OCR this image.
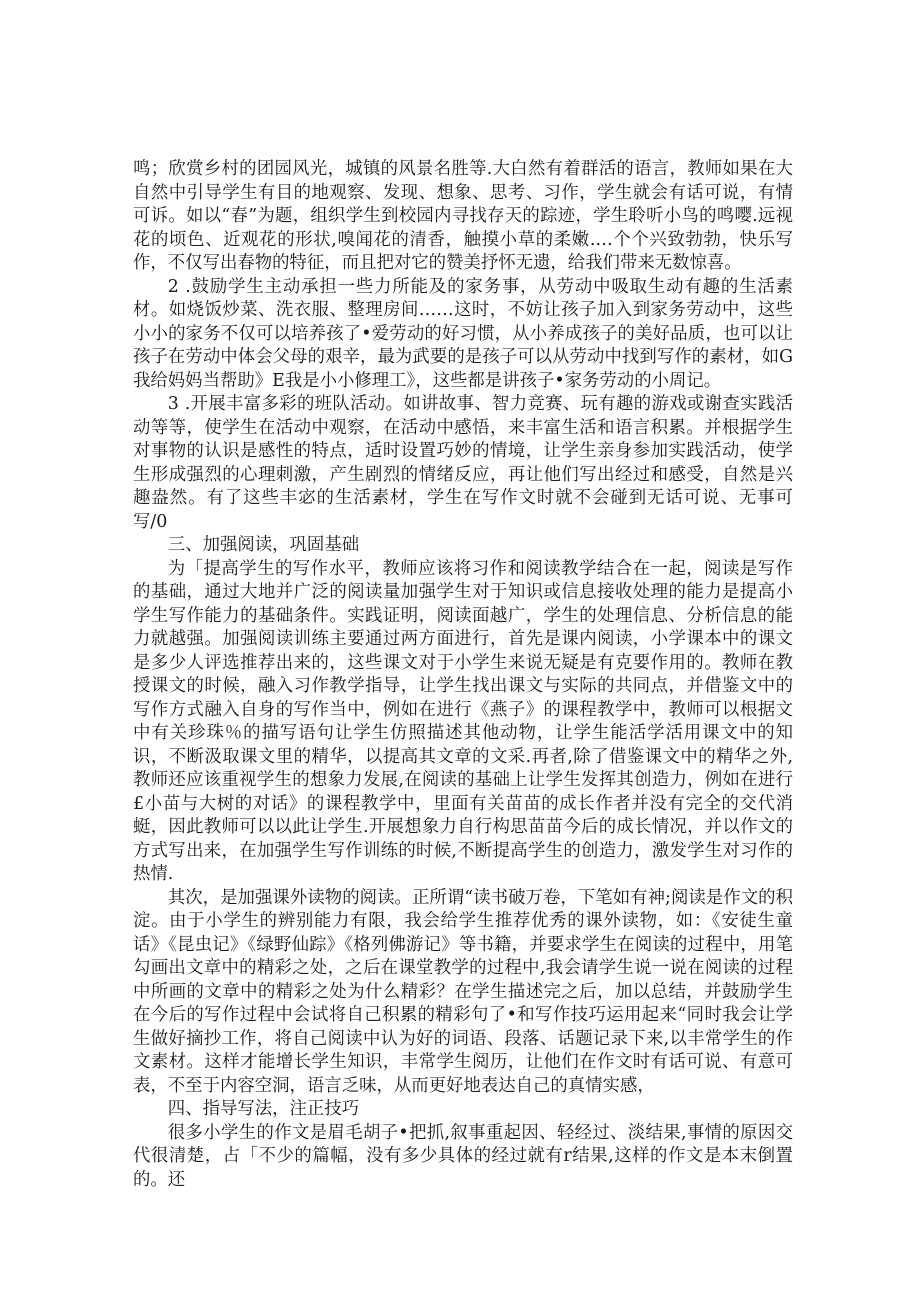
鸣；欣赏乡村的团园风光，城镇的风景名胜等.大白然有着群活的语言，教师如果在大自然中引导学生有目的地观察、发现、想象、思考、习作，学生就会有话可说，有情可诉。如以“春”为题，组织学生到校园内寻找存天的踪迹，学生聆听小鸟的鸣嘤.远视花的顷色、近观花的形状,嗅闻花的清香，触摸小草的柔嫩.…个个兴致勃勃，快乐写作，不仅写出春物的特征，而且把对它的赞美抒怀无遗，给我们带来无数惊喜。

2 .鼓励学生主动承担一些力所能及的家务事，从劳动中吸取生动有趣的生活素材。如烧饭炒菜、洗衣服、整理房间……这时，不妨让孩子加入到家务劳动中，这些小小的家务不仅可以培养孩了•爱劳动的好习惯，从小养成孩子的美好品质，也可以让孩子在劳动中体会父母的艰辛，最为武要的是孩子可以从劳动中找到写作的素材，如G我给妈妈当帮助》E我是小小修理工》，这些都是讲孩子•家务劳动的小周记。

3 .开展丰富多彩的班队活动。如讲故事、智力竞赛、玩有趣的游戏或谢查实践活动等等，使学生在活动中观察，在活动中感悟，来丰富生活和语言积累。并根据学生对事物的认识是感性的特点，适时设置巧妙的情境，让学生亲身参加实践活动，使学生形成强烈的心理刺激，产生剧烈的情绪反应，再让他们写出经过和感受，自然是兴趣盎然。有了这些丰宓的生活素材，学生在写作文时就不会碰到无话可说、无事可写/0

三、加强阅读，巩固基础

为「提高学生的写作水平，教师应该将习作和阅读教学结合在一起，阅读是写作的基础，通过大地并广泛的阅读量加强学生对于知识或信息接收处理的能力是提高小学生写作能力的基础条件。实践证明，阅读面越广，学生的处理信息、分析信息的能力就越强。加强阅读训练主要通过两方面进行，首先是课内阅读，小学课本中的课文是多少人评选推荐出来的，这些课文对于小学生来说无疑是有克要作用的。教师在教授课文的时候，融入习作教学指导，让学生找出课文与实际的共同点，并借鉴文中的写作方式融入自身的写作当中，例如在进行《燕子》的课程教学中，教师可以根据文中有关珍珠％的描写语句让学生仿照描述其他动物，让学生能活学活用课文中的知识，不断汲取课文里的精华，以提高其文章的文采.再者,除了借鉴课文中的精华之外,教师还应该重视学生的想象力发展,在阅读的基础上让学生发挥其创造力，例如在进行£小苗与大树的对话》的课程教学中，里面有关苗苗的成长作者并没有完全的交代消蜓，因此教师可以以此让学生.开展想象力自行构思苗苗今后的成长情况，并以作文的方式写出来，在加强学生写作训练的时候,不断提高学生的创造力，激发学生对习作的热情.

其次，是加强课外读物的阅读。正所谓“读书破万卷，下笔如有神;阅读是作文的积淀。由于小学生的辨别能力有限，我会给学生推荐优秀的课外读物，如：《安徒生童话》《昆虫记》《绿野仙踪》《格列佛游记》等书籍，并要求学生在阅读的过程中，用笔勾画出文章中的精彩之处，之后在课堂教学的过程中,我会请学生说一说在阅读的过程中所画的文章中的精彩之处为什么精彩？在学生描述完之后，加以总结，并鼓励学生在今后的写作过程中会试将自己积累的精彩句了•和写作技巧运用起来“同时我会让学生做好摘抄工作，将自己阅读中认为好的词语、段落、话题记录下来,以丰常学生的作文素材。这样才能增长学生知识，丰常学生阅历，让他们在作文时有话可说、有意可表，不至于内容空洞，语言乏味，从而更好地表达自己的真情实感，

四、指导写法，注正技巧

很多小学生的作文是眉毛胡子•把抓,叙事重起因、轻经过、淡结果,事情的原因交代很清楚，占「不少的篇幅，没有多少具体的经过就有r结果,这样的作文是本末倒置的。还
